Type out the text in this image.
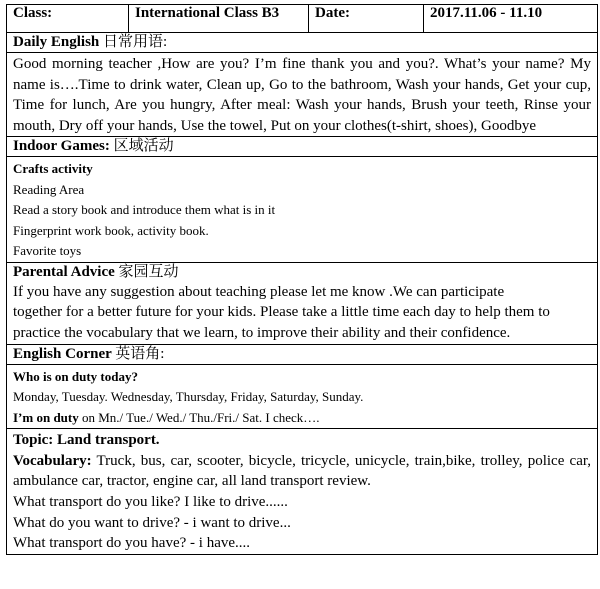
Class:	International Class B3	Date:	2017.11.06 - 11.10
Daily English 日常用语:
Good morning teacher ,How are you? I’m fine thank you and you?. What’s your name? My name is….Time to drink water, Clean up, Go to the bathroom, Wash your hands, Get your cup, Time for lunch, Are you hungry, After meal: Wash your hands, Brush your teeth, Rinse your mouth, Dry off your hands, Use the towel, Put on your clothes(t-shirt, shoes), Goodbye
Indoor Games: 区域活动

Crafts activity
Reading Area
Read a story book and introduce them what is in it
Fingerprint work book, activity book.
Favorite toys

Parental Advice 家园互动
If you have any suggestion about teaching please let me know .We can participate
together for a better future for your kids. Please take a little time each day to help them to
practice the vocabulary that we learn, to improve their ability and their confidence.

English Corner 英语角:

Who is on duty today?
Monday, Tuesday. Wednesday, Thursday, Friday, Saturday, Sunday.
I’m on duty on Mn./ Tue./ Wed./ Thu./Fri./ Sat. I check….

Topic: Land transport.
Vocabulary: Truck, bus, car, scooter, bicycle, tricycle, unicycle, train,bike, trolley, police car, ambulance car, tractor, engine car, all land transport review.
What transport do you like? I like to drive......
What do you want to drive? - i want to drive...
What transport do you have? - i have....
